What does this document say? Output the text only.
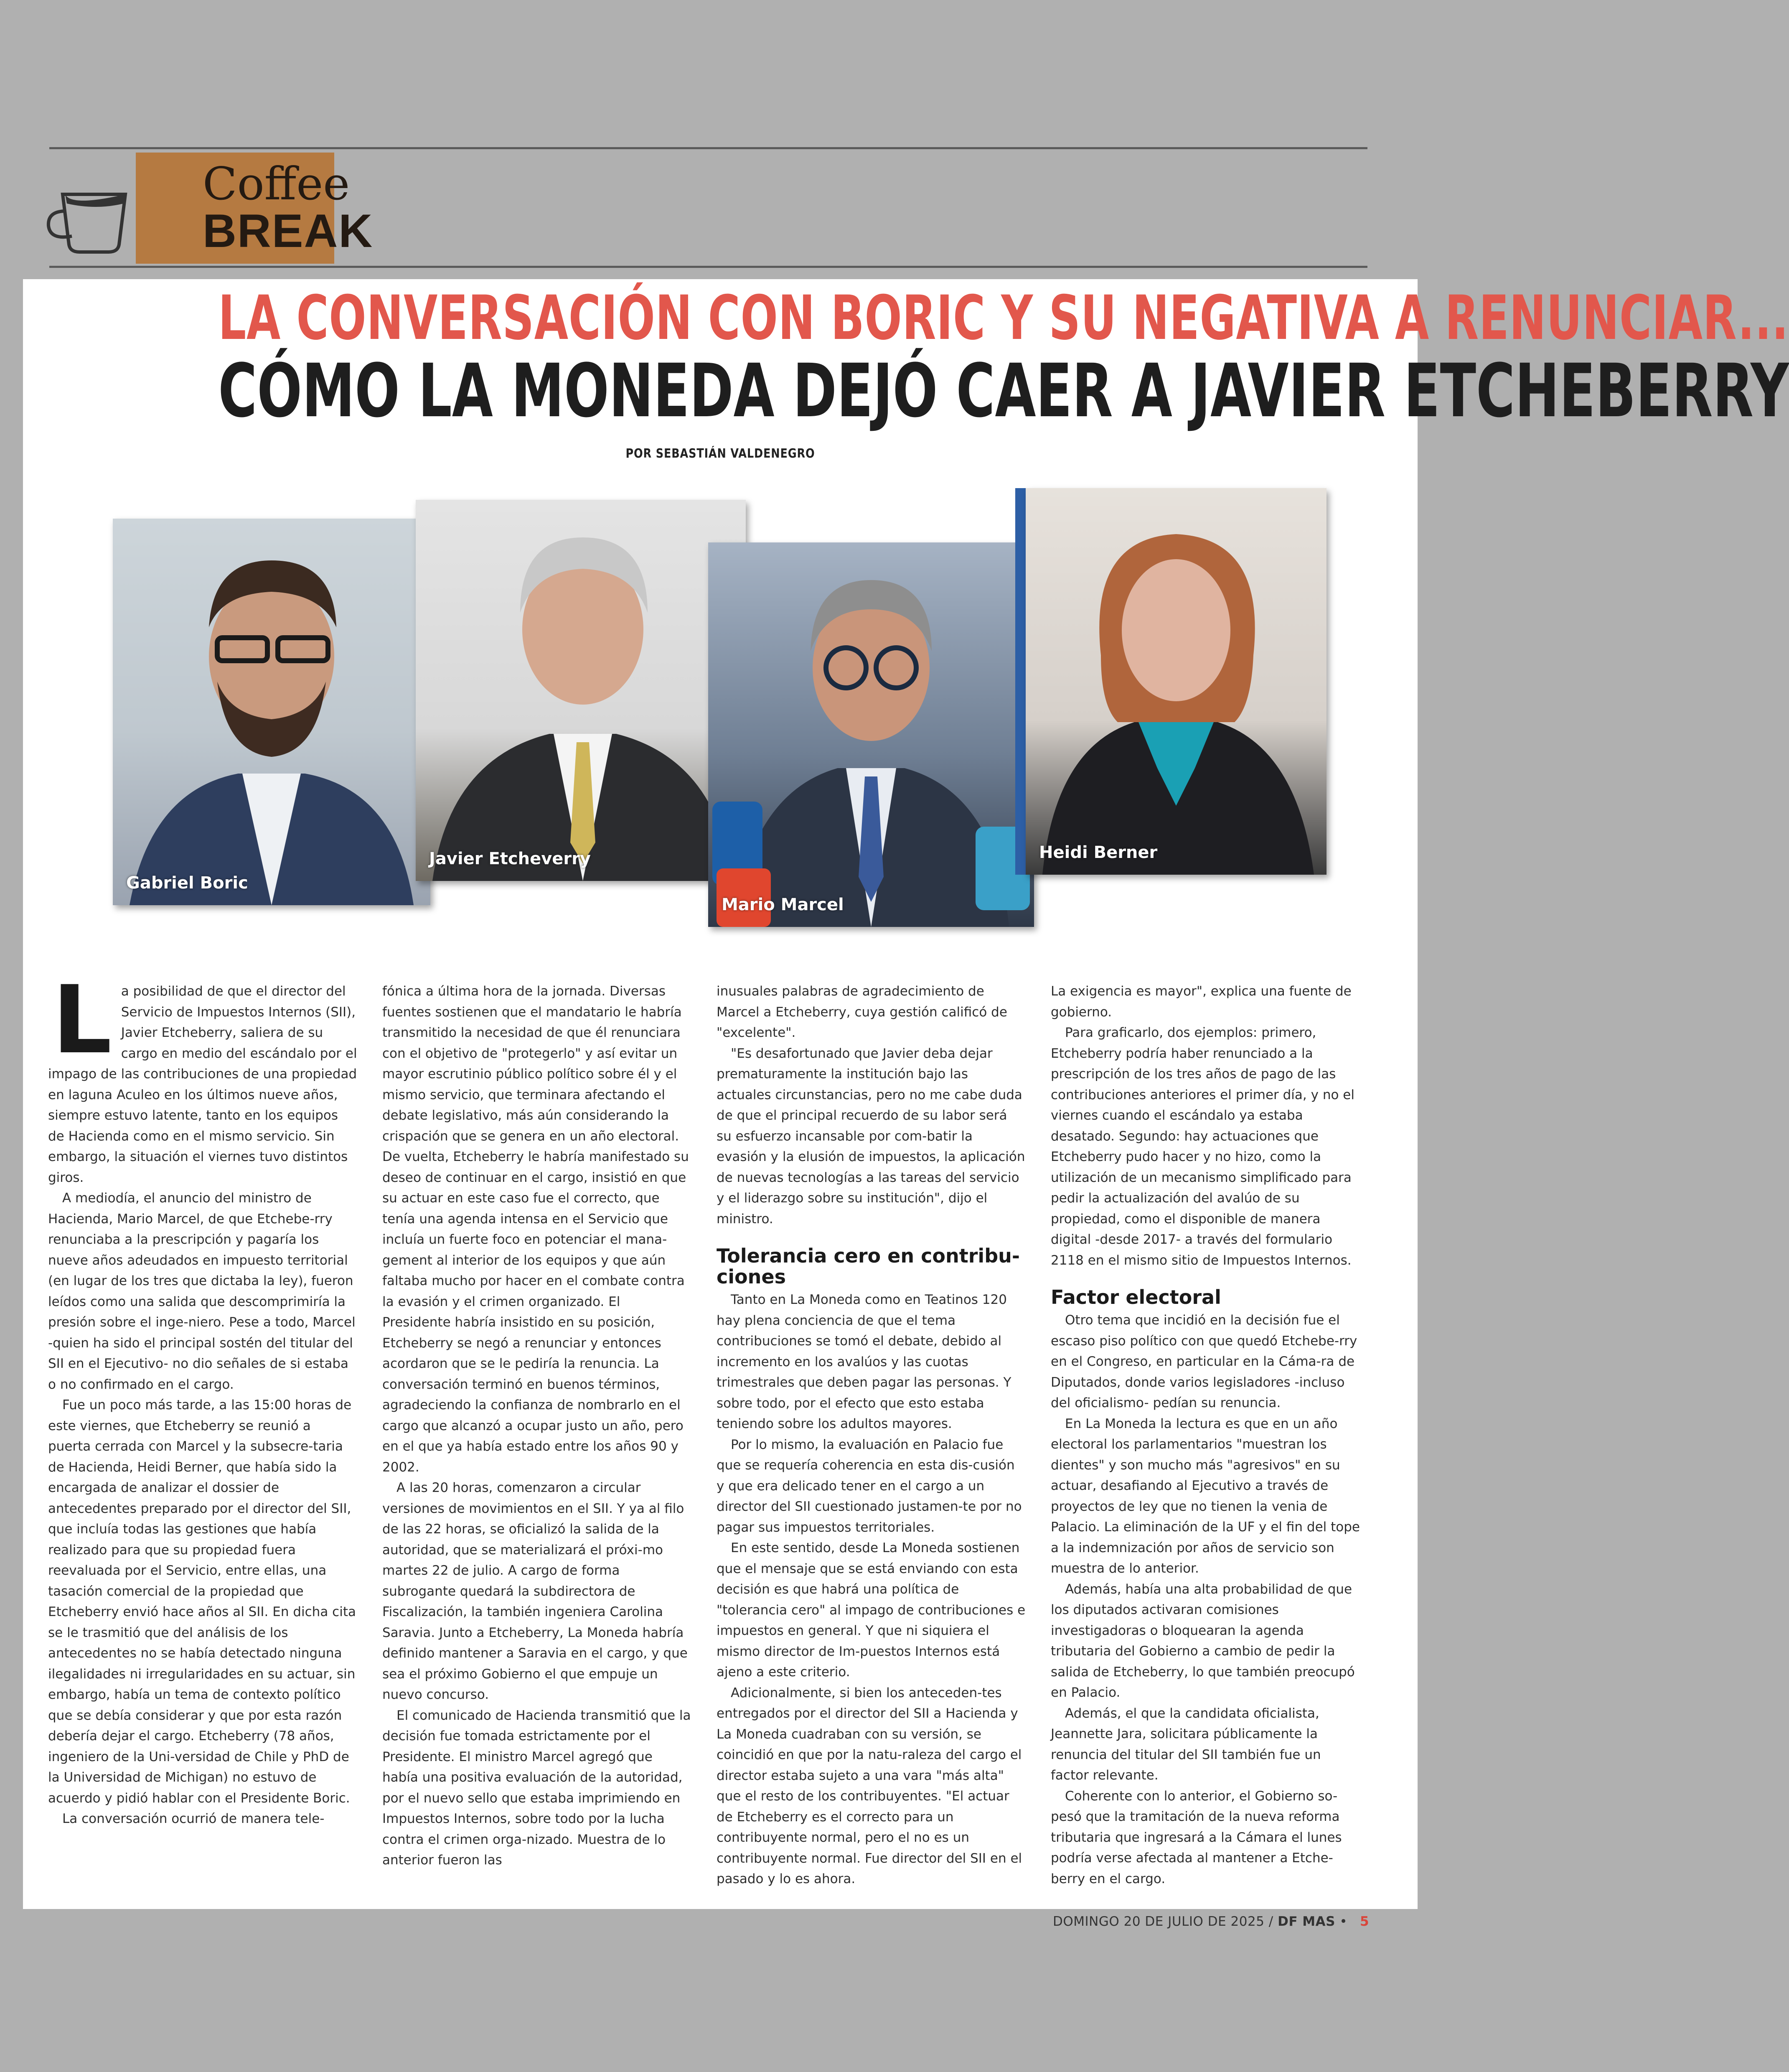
Coffee
BREAK
LA CONVERSACIÓN CON BORIC Y SU NEGATIVA A RENUNCIAR...
CÓMO LA MONEDA DEJÓ CAER A JAVIER ETCHEBERRY
POR SEBASTIÁN VALDENEGRO
Gabriel Boric
Javier Etcheverry
Mario Marcel
Heidi Berner
L a posibilidad de que el director del Servicio de Impuestos Internos (SII), Javier Etcheberry, saliera de su cargo en medio del escándalo por el impago de las contribuciones de una propiedad en laguna Aculeo en los últimos nueve años, siempre estuvo latente, tanto en los equipos de Hacienda como en el mismo servicio. Sin embargo, la situación el viernes tuvo distintos giros.

A mediodía, el anuncio del ministro de Hacienda, Mario Marcel, de que Etchebe-rry renunciaba a la prescripción y pagaría los nueve años adeudados en impuesto territorial (en lugar de los tres que dictaba la ley), fueron leídos como una salida que descomprimiría la presión sobre el inge-niero. Pese a todo, Marcel -quien ha sido el principal sostén del titular del SII en el Ejecutivo- no dio señales de si estaba o no confirmado en el cargo.

Fue un poco más tarde, a las 15:00 horas de este viernes, que Etcheberry se reunió a puerta cerrada con Marcel y la subsecre-taria de Hacienda, Heidi Berner, que había sido la encargada de analizar el dossier de antecedentes preparado por el director del SII, que incluía todas las gestiones que había realizado para que su propiedad fuera reevaluada por el Servicio, entre ellas, una tasación comercial de la propiedad que Etcheberry envió hace años al SII. En dicha cita se le trasmitió que del análisis de los antecedentes no se había detectado ninguna ilegalidades ni irregularidades en su actuar, sin embargo, había un tema de contexto político que se debía considerar y que por esta razón debería dejar el cargo. Etcheberry (78 años, ingeniero de la Uni-versidad de Chile y PhD de la Universidad de Michigan) no estuvo de acuerdo y pidió hablar con el Presidente Boric.

La conversación ocurrió de manera tele-

fónica a última hora de la jornada. Diversas fuentes sostienen que el mandatario le habría transmitido la necesidad de que él renunciara con el objetivo de "protegerlo" y así evitar un mayor escrutinio público político sobre él y el mismo servicio, que terminara afectando el debate legislativo, más aún considerando la crispación que se genera en un año electoral. De vuelta, Etcheberry le habría manifestado su deseo de continuar en el cargo, insistió en que su actuar en este caso fue el correcto, que tenía una agenda intensa en el Servicio que incluía un fuerte foco en potenciar el mana-gement al interior de los equipos y que aún faltaba mucho por hacer en el combate contra la evasión y el crimen organizado. El Presidente habría insistido en su posición, Etcheberry se negó a renunciar y entonces acordaron que se le pediría la renuncia. La conversación terminó en buenos términos, agradeciendo la confianza de nombrarlo en el cargo que alcanzó a ocupar justo un año, pero en el que ya había estado entre los años 90 y 2002.

A las 20 horas, comenzaron a circular versiones de movimientos en el SII. Y ya al filo de las 22 horas, se oficializó la salida de la autoridad, que se materializará el próxi-mo martes 22 de julio. A cargo de forma subrogante quedará la subdirectora de Fiscalización, la también ingeniera Carolina Saravia. Junto a Etcheberry, La Moneda habría definido mantener a Saravia en el cargo, y que sea el próximo Gobierno el que empuje un nuevo concurso.

El comunicado de Hacienda transmitió que la decisión fue tomada estrictamente por el Presidente. El ministro Marcel agregó que había una positiva evaluación de la autoridad, por el nuevo sello que estaba imprimiendo en Impuestos Internos, sobre todo por la lucha contra el crimen orga-nizado. Muestra de lo anterior fueron las

inusuales palabras de agradecimiento de Marcel a Etcheberry, cuya gestión calificó de "excelente".

"Es desafortunado que Javier deba dejar prematuramente la institución bajo las actuales circunstancias, pero no me cabe duda de que el principal recuerdo de su labor será su esfuerzo incansable por com-batir la evasión y la elusión de impuestos, la aplicación de nuevas tecnologías a las tareas del servicio y el liderazgo sobre su institución", dijo el ministro.

Tolerancia cero en contribu-ciones

Tanto en La Moneda como en Teatinos 120 hay plena conciencia de que el tema contribuciones se tomó el debate, debido al incremento en los avalúos y las cuotas trimestrales que deben pagar las personas. Y sobre todo, por el efecto que esto estaba teniendo sobre los adultos mayores.

Por lo mismo, la evaluación en Palacio fue que se requería coherencia en esta dis-cusión y que era delicado tener en el cargo a un director del SII cuestionado justamen-te por no pagar sus impuestos territoriales.

En este sentido, desde La Moneda sostienen que el mensaje que se está enviando con esta decisión es que habrá una política de "tolerancia cero" al impago de contribuciones e impuestos en general. Y que ni siquiera el mismo director de Im-puestos Internos está ajeno a este criterio.

Adicionalmente, si bien los anteceden-tes entregados por el director del SII a Hacienda y La Moneda cuadraban con su versión, se coincidió en que por la natu-raleza del cargo el director estaba sujeto a una vara "más alta" que el resto de los contribuyentes. "El actuar de Etcheberry es el correcto para un contribuyente normal, pero el no es un contribuyente normal. Fue director del SII en el pasado y lo es ahora.

La exigencia es mayor", explica una fuente de gobierno.

Para graficarlo, dos ejemplos: primero, Etcheberry podría haber renunciado a la prescripción de los tres años de pago de las contribuciones anteriores el primer día, y no el viernes cuando el escándalo ya estaba desatado. Segundo: hay actuaciones que Etcheberry pudo hacer y no hizo, como la utilización de un mecanismo simplificado para pedir la actualización del avalúo de su propiedad, como el disponible de manera digital -desde 2017- a través del formulario 2118 en el mismo sitio de Impuestos Internos.

Factor electoral

Otro tema que incidió en la decisión fue el escaso piso político con que quedó Etchebe-rry en el Congreso, en particular en la Cáma-ra de Diputados, donde varios legisladores -incluso del oficialismo- pedían su renuncia.

En La Moneda la lectura es que en un año electoral los parlamentarios "muestran los dientes" y son mucho más "agresivos" en su actuar, desafiando al Ejecutivo a través de proyectos de ley que no tienen la venia de Palacio. La eliminación de la UF y el fin del tope a la indemnización por años de servicio son muestra de lo anterior.

Además, había una alta probabilidad de que los diputados activaran comisiones investigadoras o bloquearan la agenda tributaria del Gobierno a cambio de pedir la salida de Etcheberry, lo que también preocupó en Palacio.

Además, el que la candidata oficialista, Jeannette Jara, solicitara públicamente la renuncia del titular del SII también fue un factor relevante.

Coherente con lo anterior, el Gobierno so-pesó que la tramitación de la nueva reforma tributaria que ingresará a la Cámara el lunes podría verse afectada al mantener a Etche-berry en el cargo.

DOMINGO 20 DE JULIO DE 2025 / DF MAS • 5
